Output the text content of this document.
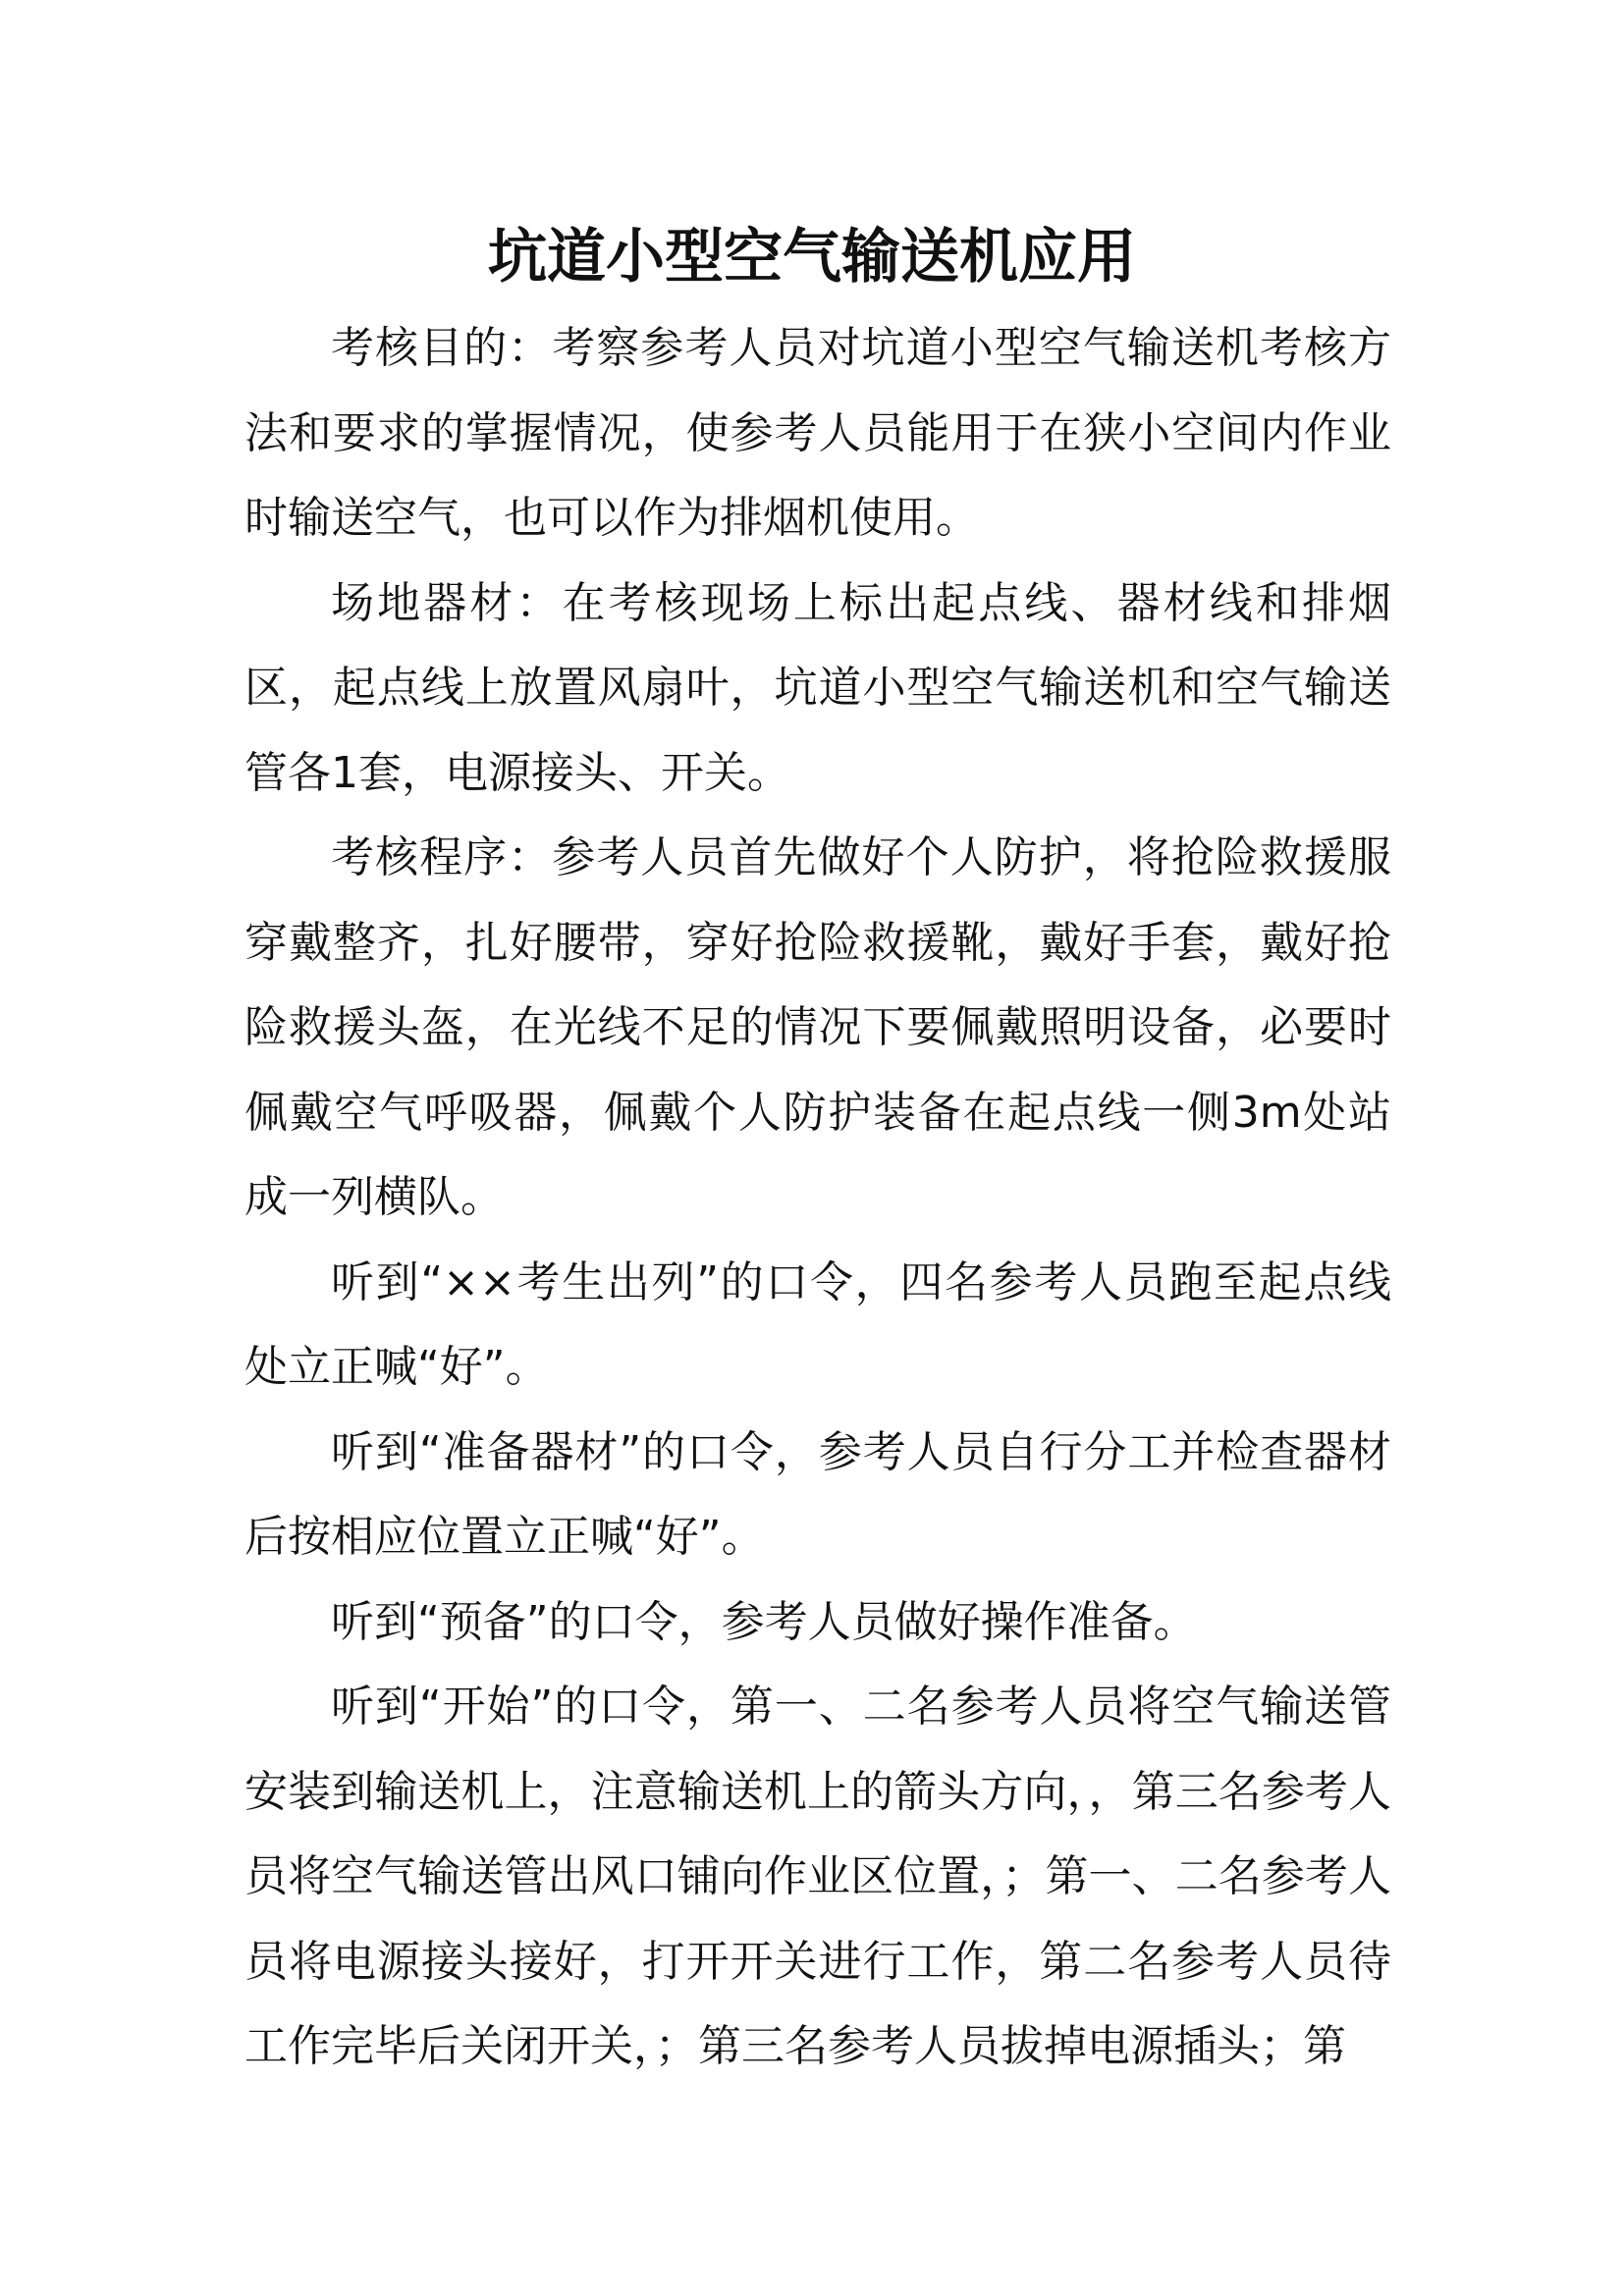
坑道小型空气输送机应用

考核目的：考察参考人员对坑道小型空气输送机考核方法和要求的掌握情况，使参考人员能用于在狭小空间内作业时输送空气，也可以作为排烟机使用。

场地器材：在考核现场上标出起点线、器材线和排烟区，起点线上放置风扇叶，坑道小型空气输送机和空气输送管各1套，电源接头、开关。

考核程序：参考人员首先做好个人防护，将抢险救援服穿戴整齐，扎好腰带，穿好抢险救援靴，戴好手套，戴好抢险救援头盔，在光线不足的情况下要佩戴照明设备，必要时佩戴空气呼吸器，佩戴个人防护装备在起点线一侧3m处站成一列横队。

听到“××考生出列”的口令，四名参考人员跑至起点线处立正喊“好”。

听到“准备器材”的口令，参考人员自行分工并检查器材后按相应位置立正喊“好”。

听到“预备”的口令，参考人员做好操作准备。

听到“开始”的口令，第一、二名参考人员将空气输送管安装到输送机上，注意输送机上的箭头方向，，第三名参考人员将空气输送管出风口铺向作业区位置，；第一、二名参考人员将电源接头接好，打开开关进行工作，第二名参考人员待工作完毕后关闭开关，；第三名参考人员拔掉电源插头；第
